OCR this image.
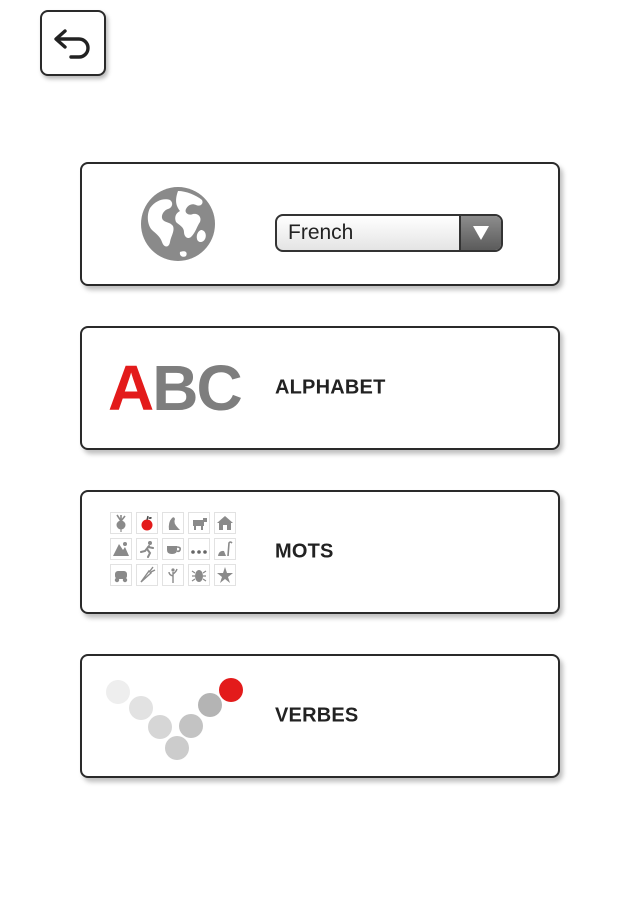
French
ABC ALPHABET
MOTS
VERBES
